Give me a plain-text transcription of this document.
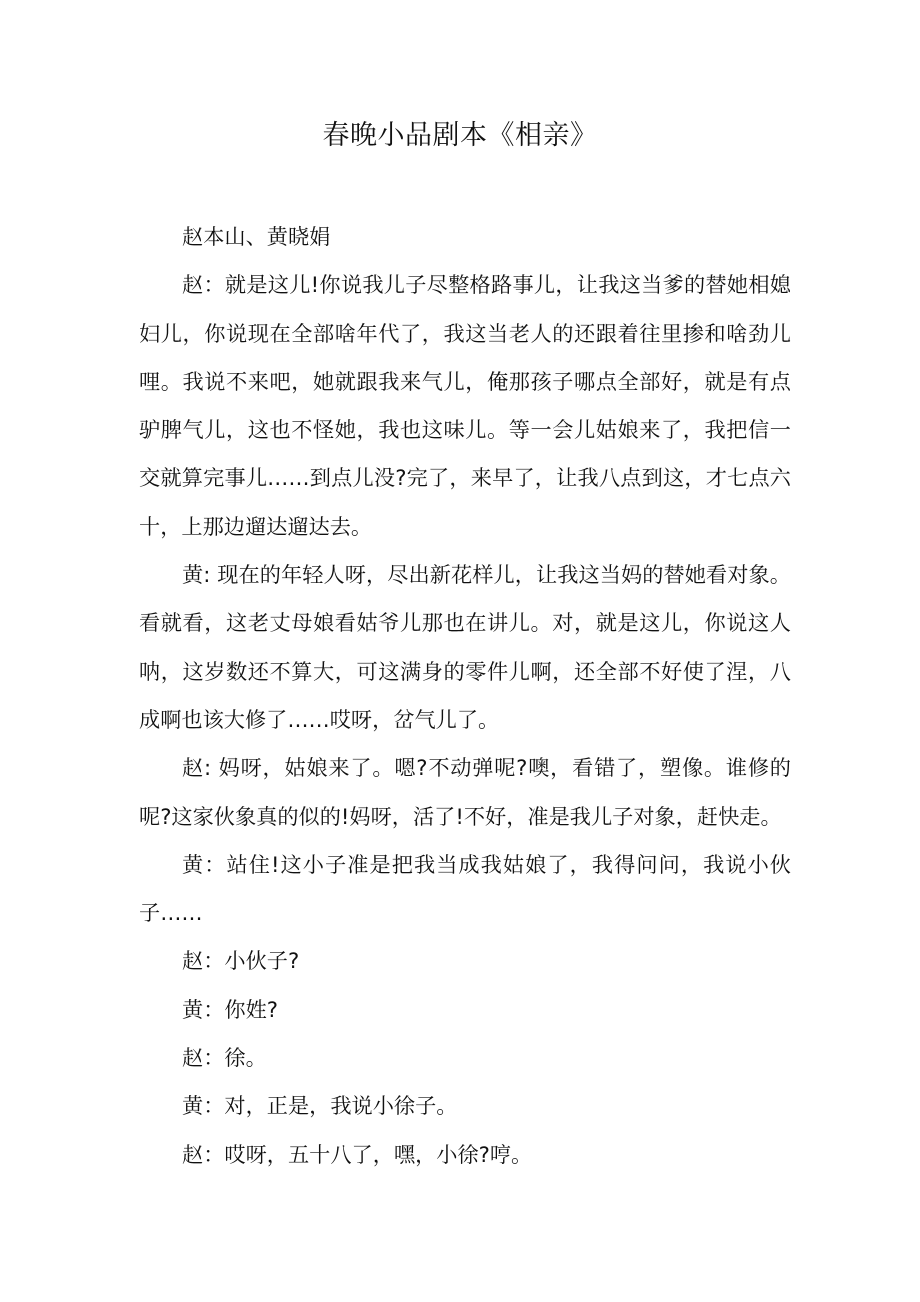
春晚小品剧本《相亲》

赵本山、黄晓娟

赵：就是这儿!你说我儿子尽整格路事儿，让我这当爹的替她相媳妇儿，你说现在全部啥年代了，我这当老人的还跟着往里掺和啥劲儿哩。我说不来吧，她就跟我来气儿，俺那孩子哪点全部好，就是有点驴脾气儿，这也不怪她，我也这味儿。等一会儿姑娘来了，我把信一交就算完事儿……到点儿没?完了，来早了，让我八点到这，才七点六十，上那边遛达遛达去。

黄: 现在的年轻人呀，尽出新花样儿，让我这当妈的替她看对象。看就看，这老丈母娘看姑爷儿那也在讲儿。对，就是这儿，你说这人呐，这岁数还不算大，可这满身的零件儿啊，还全部不好使了涅，八成啊也该大修了……哎呀，岔气儿了。

赵: 妈呀，姑娘来了。嗯?不动弹呢?噢，看错了，塑像。谁修的呢?这家伙象真的似的!妈呀，活了!不好，准是我儿子对象，赶快走。

黄：站住!这小子准是把我当成我姑娘了，我得问问，我说小伙子……

赵：小伙子?

黄：你姓?

赵：徐。

黄：对，正是，我说小徐子。

赵：哎呀，五十八了，嘿，小徐?哼。
